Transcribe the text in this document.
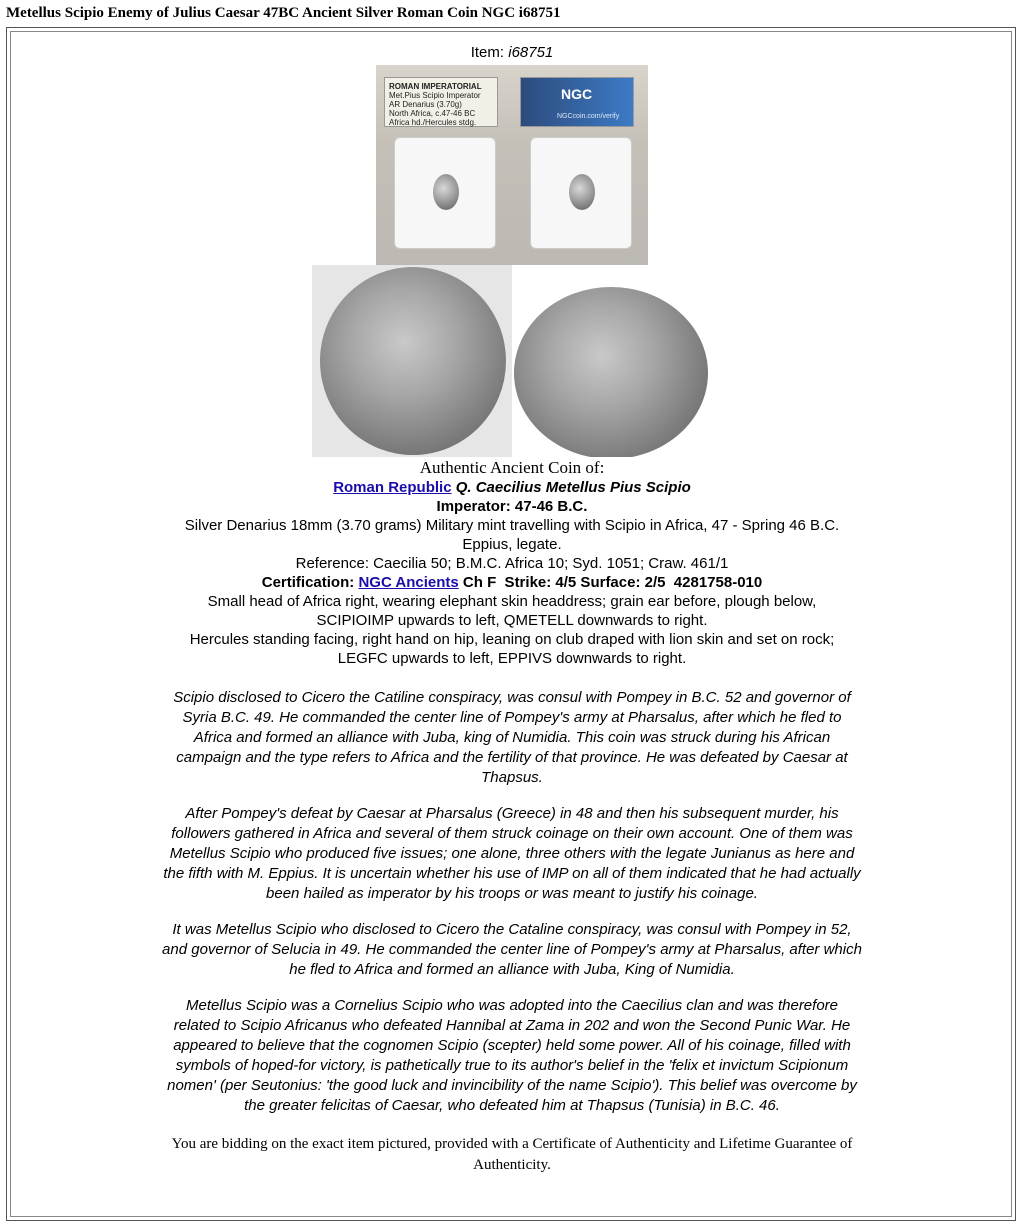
Metellus Scipio Enemy of Julius Caesar 47BC Ancient Silver Roman Coin NGC i68751

Item: i68751

ROMAN IMPERATORIAL
Met.Pius Scipio Imperator
AR Denarius (3.70g)
North Africa, c.47-46 BC
Africa hd./Hercules stdg.
NGC
NGCcoin.com/verify

Authentic Ancient Coin of:

Roman Republic Q. Caecilius Metellus Pius Scipio

Imperator: 47-46 B.C.

Silver Denarius 18mm (3.70 grams) Military mint travelling with Scipio in Africa, 47 - Spring 46 B.C.

Eppius, legate.

Reference: Caecilia 50; B.M.C. Africa 10; Syd. 1051; Craw. 461/1

Certification: NGC Ancients Ch F  Strike: 4/5 Surface: 2/5  4281758-010

Small head of Africa right, wearing elephant skin headdress; grain ear before, plough below,

SCIPIOIMP upwards to left, QMETELL downwards to right.

Hercules standing facing, right hand on hip, leaning on club draped with lion skin and set on rock;

LEGFC upwards to left, EPPIVS downwards to right.

Scipio disclosed to Cicero the Catiline conspiracy, was consul with Pompey in B.C. 52 and governor of Syria B.C. 49. He commanded the center line of Pompey's army at Pharsalus, after which he fled to Africa and formed an alliance with Juba, king of Numidia. This coin was struck during his African campaign and the type refers to Africa and the fertility of that province. He was defeated by Caesar at Thapsus.

After Pompey's defeat by Caesar at Pharsalus (Greece) in 48 and then his subsequent murder, his followers gathered in Africa and several of them struck coinage on their own account. One of them was Metellus Scipio who produced five issues; one alone, three others with the legate Junianus as here and the fifth with M. Eppius. It is uncertain whether his use of IMP on all of them indicated that he had actually been hailed as imperator by his troops or was meant to justify his coinage.

It was Metellus Scipio who disclosed to Cicero the Cataline conspiracy, was consul with Pompey in 52, and governor of Selucia in 49. He commanded the center line of Pompey's army at Pharsalus, after which he fled to Africa and formed an alliance with Juba, King of Numidia.

Metellus Scipio was a Cornelius Scipio who was adopted into the Caecilius clan and was therefore related to Scipio Africanus who defeated Hannibal at Zama in 202 and won the Second Punic War. He appeared to believe that the cognomen Scipio (scepter) held some power. All of his coinage, filled with symbols of hoped-for victory, is pathetically true to its author's belief in the 'felix et invictum Scipionum nomen' (per Seutonius: 'the good luck and invincibility of the name Scipio'). This belief was overcome by the greater felicitas of Caesar, who defeated him at Thapsus (Tunisia) in B.C. 46.

You are bidding on the exact item pictured, provided with a Certificate of Authenticity and Lifetime Guarantee of Authenticity.
